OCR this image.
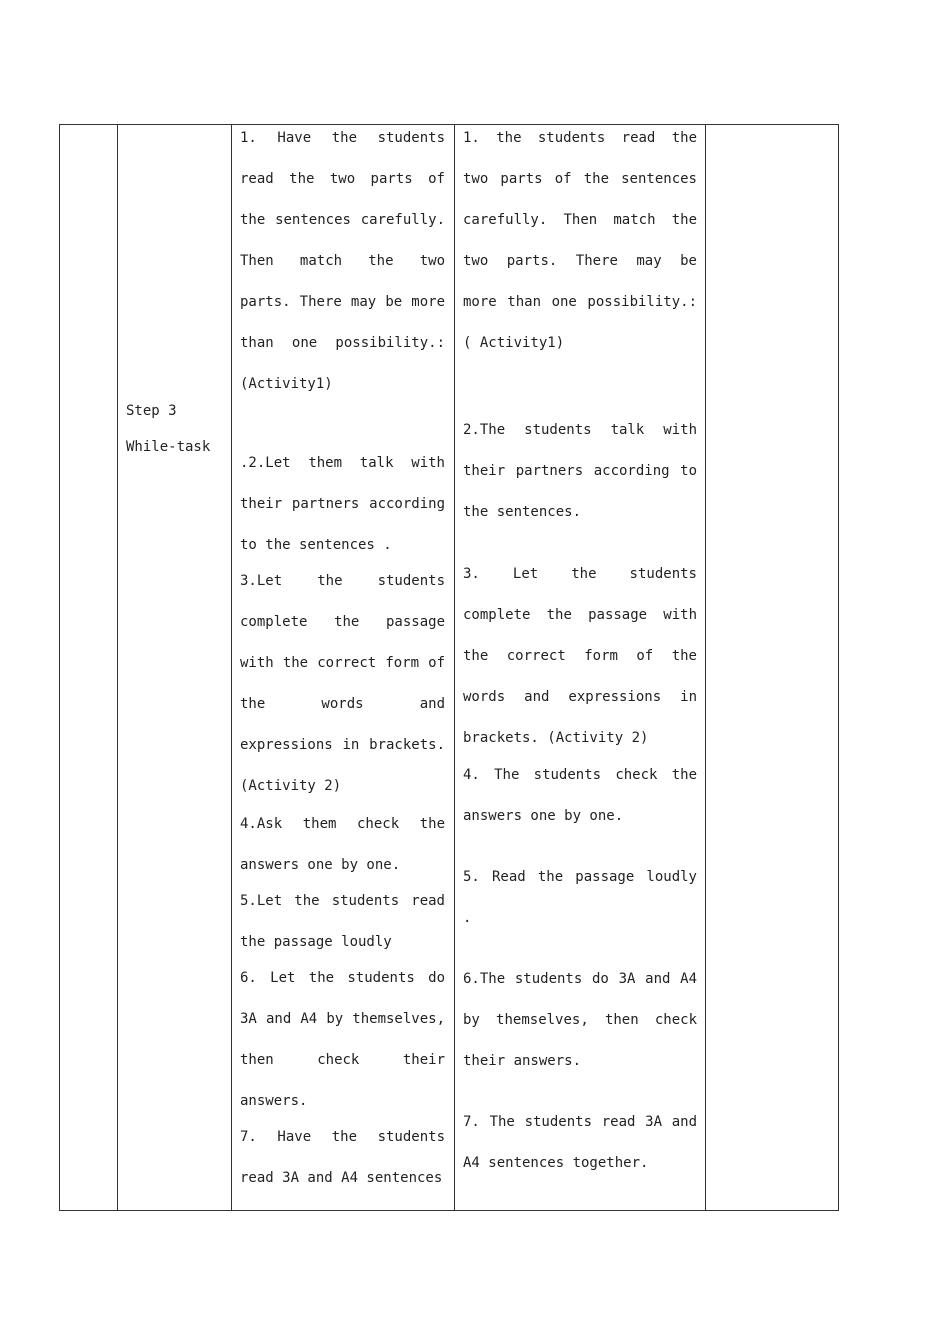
Step 3
While-task

1. Have the students read the two parts of the sentences carefully. Then match the two parts. There may be more than one possibility.: (Activity1)

.2.Let them talk with their partners according to the sentences .

3.Let the students complete the passage with the correct form of the words and expressions in brackets. (Activity 2)

4.Ask them check the answers one by one.

5.Let the students read the passage loudly

6. Let the students do 3A and A4 by themselves, then check their answers.

7. Have the students read 3A and A4 sentences

1. the students read the two parts of the sentences carefully. Then match the two parts. There may be more than one possibility.: ( Activity1)

2.The students talk with their partners according to the sentences.

3. Let the students complete the passage with the correct form of the words and expressions in brackets. (Activity 2)

4. The students check the answers one by one.

5. Read the passage loudly .

6.The students do 3A and A4 by themselves, then check their answers.

7. The students read 3A and A4 sentences together.
